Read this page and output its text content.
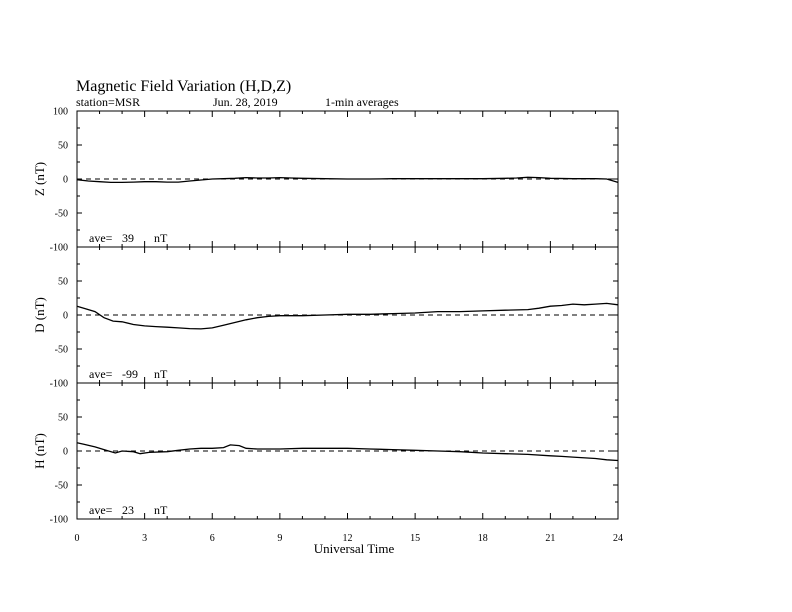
Magnetic Field Variation (H,D,Z)
station=MSR	Jun. 28, 2019	1-min averages
-100
-50
0
50
100
Z (nT)
ave= 39 nT
-100
-50
0
50
D (nT)
ave= -99 nT
-100
-50
0
50
H (nT)
ave= 23 nT
0	3	6	9	12	15	18	21	24
Universal Time
